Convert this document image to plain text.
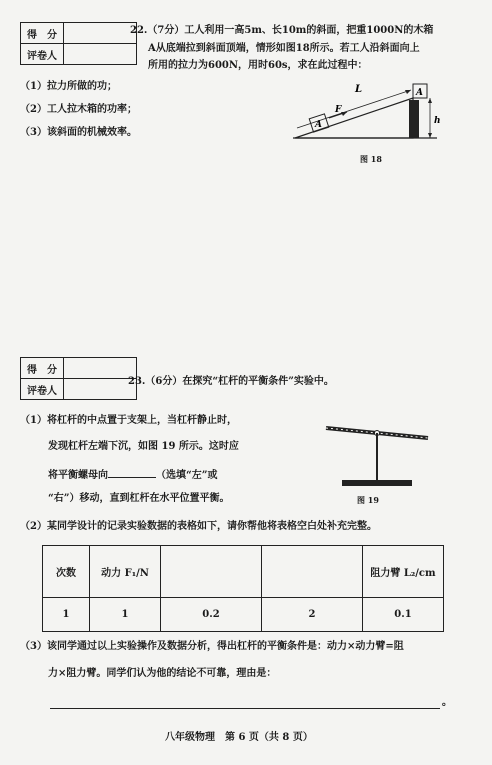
得　分	
评卷人	
22.（7分）工人利用一高5m、长10m的斜面，把重1000N的木箱
A从底端拉到斜面顶端，情形如图18所示。若工人沿斜面向上
所用的拉力为600N，用时60s，求在此过程中：
（1）拉力所做的功；
（2）工人拉木箱的功率；
（3）该斜面的机械效率。
L	A
A
F
h
图 18
得　分	
评卷人	
23.（6分）在探究“杠杆的平衡条件”实验中。
（1）将杠杆的中点置于支架上，当杠杆静止时，
发现杠杆左端下沉，如图 19 所示。这时应
将平衡螺母向	（选填“左”或
“右”）移动，直到杠杆在水平位置平衡。	图 19
（2）某同学设计的记录实验数据的表格如下，请你帮他将表格空白处补充完整。
次数	动力 F₁/N			阻力臂 L₂/cm
1	1	0.2	2	0.1
（3）该同学通过以上实验操作及数据分析，得出杠杆的平衡条件是：动力×动力臂=阻
力×阻力臂。同学们认为他的结论不可靠，理由是：
。
八年级物理　第 6 页（共 8 页）
